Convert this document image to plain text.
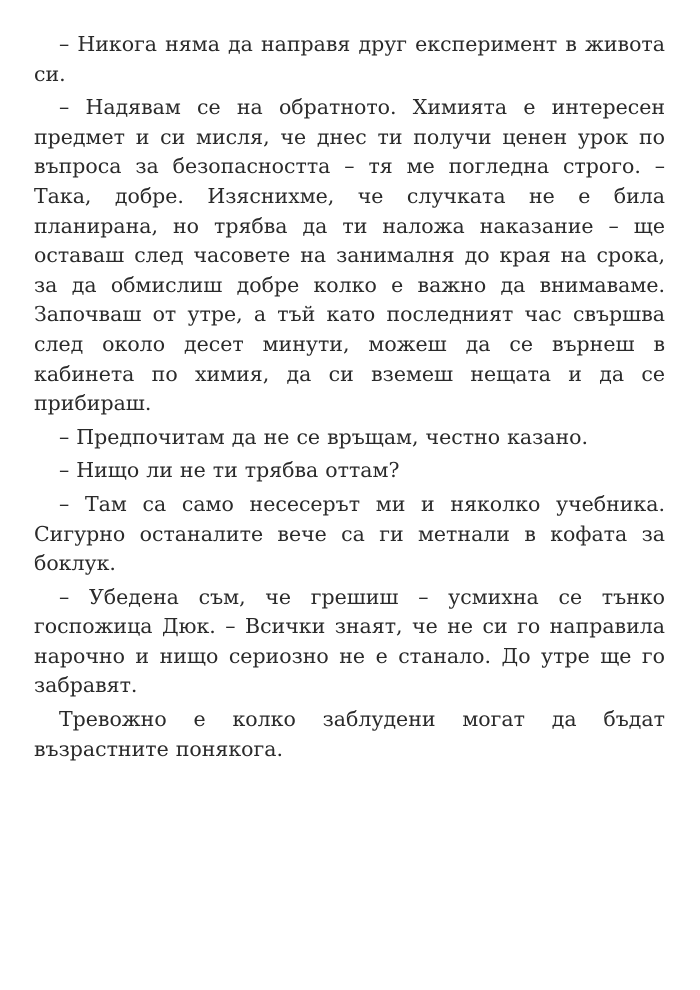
– Никога няма да направя друг експеримент в живота си.

– Надявам се на обратното. Химията е интересен предмет и си мисля, че днес ти получи ценен урок по въпроса за безопасността – тя ме погледна строго. – Така, добре. Изяснихме, че случката не е била планирана, но трябва да ти наложа наказание – ще оставаш след часовете на занималня до края на срока, за да обмислиш добре колко е важно да внимаваме. Започваш от утре, а тъй като последният час свършва след около десет минути, можеш да се върнеш в кабинета по химия, да си вземеш нещата и да се прибираш.

– Предпочитам да не се връщам, честно казано.

– Нищо ли не ти трябва оттам?

– Там са само несесерът ми и няколко учебника. Сигурно останалите вече са ги метнали в кофата за боклук.

– Убедена съм, че грешиш – усмихна се тънко госпожица Дюк. – Всички знаят, че не си го направила нарочно и нищо сериозно не е станало. До утре ще го забравят.

Тревожно е колко заблудени могат да бъдат възрастните понякога.
